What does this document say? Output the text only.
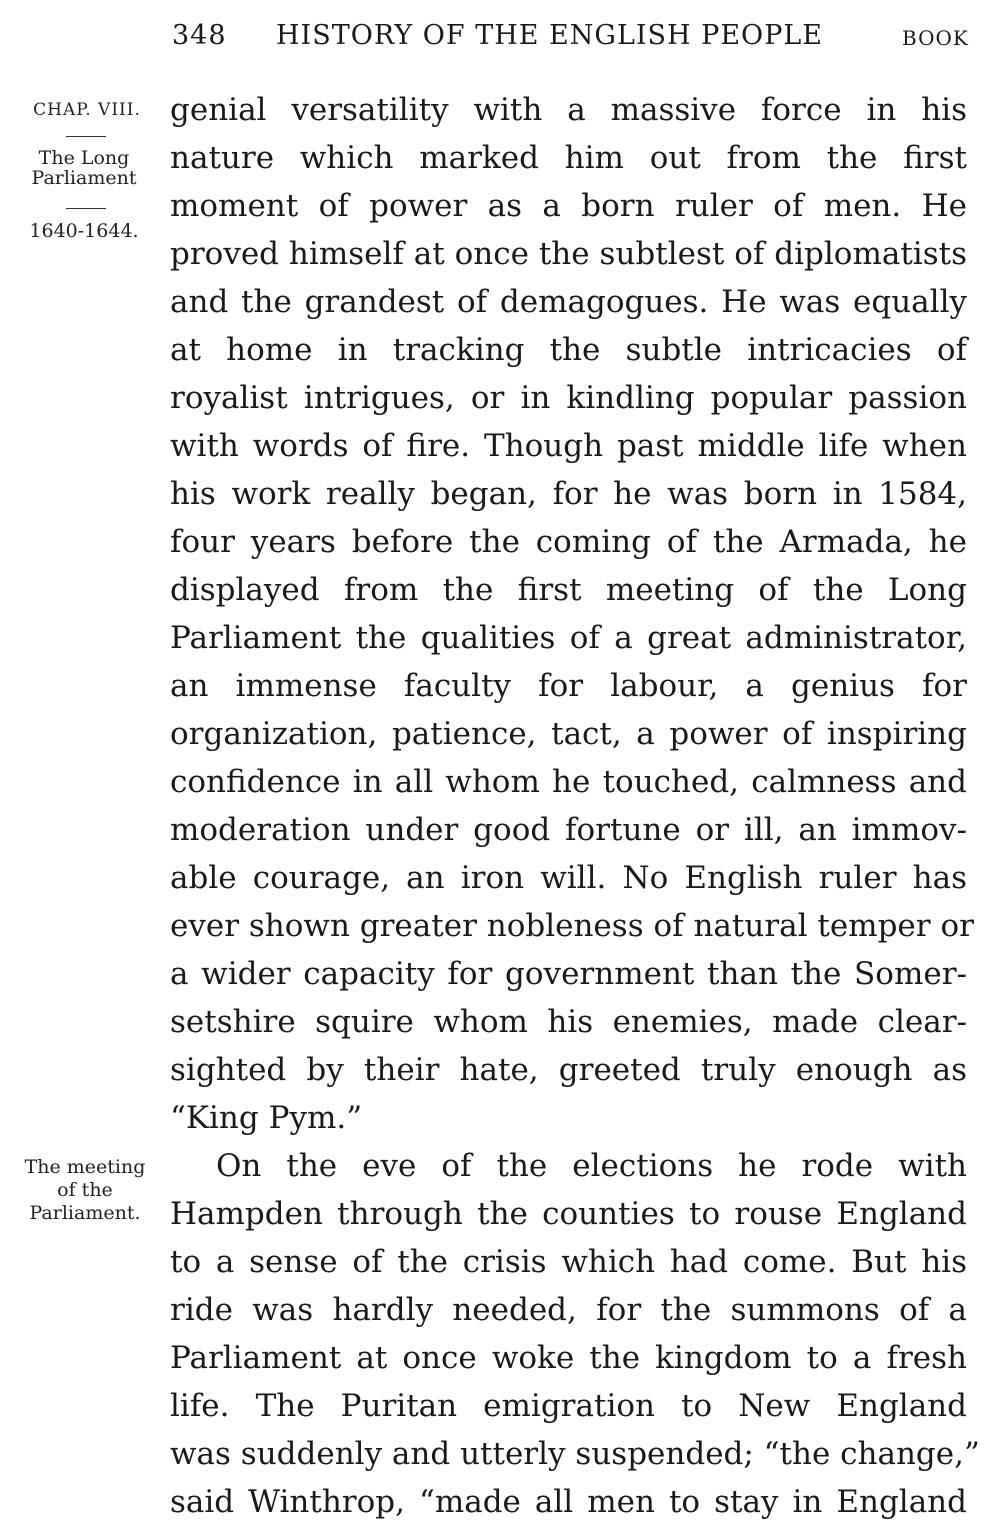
348 HISTORY OF THE ENGLISH PEOPLE	BOOK
CHAP. VIII.
The Long
Parliament
1640-1644.
The meeting

of the
Parliament.
genial versatility with a massive force in his
nature which marked him out from the first
moment of power as a born ruler of men. He
proved himself at once the subtlest of diplomatists
and the grandest of demagogues. He was equally
at home in tracking the subtle intricacies of
royalist intrigues, or in kindling popular passion
with words of fire. Though past middle life when
his work really began, for he was born in 1584,
four years before the coming of the Armada, he
displayed from the first meeting of the Long
Parliament the qualities of a great administrator,
an immense faculty for labour, a genius for
organization, patience, tact, a power of inspiring
confidence in all whom he touched, calmness and
moderation under good fortune or ill, an immov-
able courage, an iron will. No English ruler has
ever shown greater nobleness of natural temper or
a wider capacity for government than the Somer-
setshire squire whom his enemies, made clear-
sighted by their hate, greeted truly enough as
“King Pym.”
On the eve of the elections he rode with
Hampden through the counties to rouse England
to a sense of the crisis which had come. But his
ride was hardly needed, for the summons of a
Parliament at once woke the kingdom to a fresh
life. The Puritan emigration to New England
was suddenly and utterly suspended; “the change,”
said Winthrop, “made all men to stay in England
